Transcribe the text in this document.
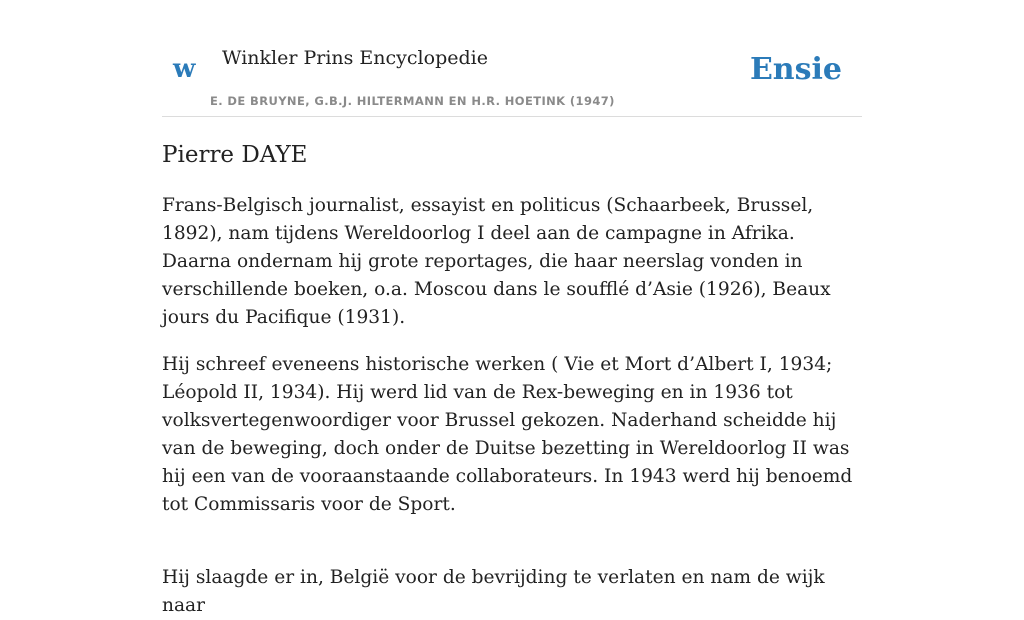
w Winkler Prins Encyclopedie
E. DE BRUYNE, G.B.J. HILTERMANN EN H.R. HOETINK (1947)
Ensie
Pierre DAYE

Frans-Belgisch journalist, essayist en politicus (Schaarbeek, Brussel, 1892), nam tijdens Wereldoorlog I deel aan de campagne in Afrika. Daarna ondernam hij grote reportages, die haar neerslag vonden in verschillende boeken, o.a. Moscou dans le soufflé d’Asie (1926), Beaux jours du Pacifique (1931).

Hij schreef eveneens historische werken ( Vie et Mort d’Albert I, 1934; Léopold II, 1934). Hij werd lid van de Rex-beweging en in 1936 tot volksvertegenwoordiger voor Brussel gekozen. Naderhand scheidde hij van de beweging, doch onder de Duitse bezetting in Wereldoorlog II was hij een van de vooraanstaande collaborateurs. In 1943 werd hij benoemd tot Commissaris voor de Sport.

Hij slaagde er in, België voor de bevrijding te verlaten en nam de wijk naar
